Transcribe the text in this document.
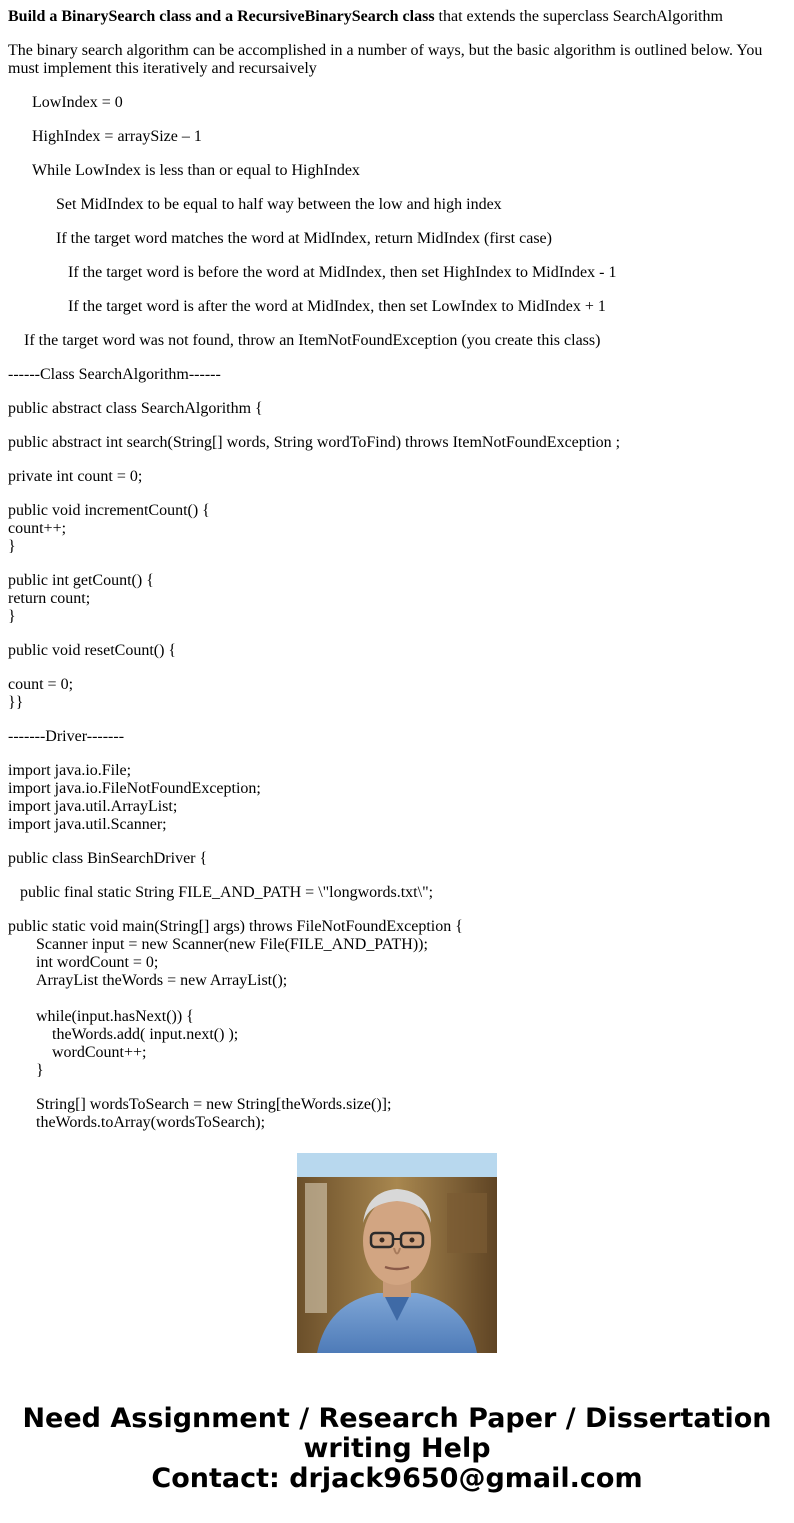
Build a BinarySearch class and a RecursiveBinarySearch class that extends the superclass SearchAlgorithm

The binary search algorithm can be accomplished in a number of ways, but the basic algorithm is outlined below. You must implement this iteratively and recursaively

LowIndex = 0

HighIndex = arraySize – 1

While LowIndex is less than or equal to HighIndex

Set MidIndex to be equal to half way between the low and high index

If the target word matches the word at MidIndex, return MidIndex (first case)

If the target word is before the word at MidIndex, then set HighIndex to MidIndex - 1

If the target word is after the word at MidIndex, then set LowIndex to MidIndex + 1

If the target word was not found, throw an ItemNotFoundException (you create this class)

------Class SearchAlgorithm------

public abstract class SearchAlgorithm {

public abstract int search(String[] words, String wordToFind) throws ItemNotFoundException ;

private int count = 0;

public void incrementCount() {
count++;
}

public int getCount() {
return count;
}

public void resetCount() {

count = 0;
}}

-------Driver-------

import java.io.File;
import java.io.FileNotFoundException;
import java.util.ArrayList;
import java.util.Scanner;

public class BinSearchDriver {

public final static String FILE_AND_PATH = \"longwords.txt\";

public static void main(String[] args) throws FileNotFoundException {
Scanner input = new Scanner(new File(FILE_AND_PATH));
int wordCount = 0;
ArrayList theWords = new ArrayList();

while(input.hasNext()) {
theWords.add( input.next() );
wordCount++;
}

String[] wordsToSearch = new String[theWords.size()];
theWords.toArray(wordsToSearch);

Need Assignment / Research Paper / Dissertation
writing Help
Contact: drjack9650@gmail.com
